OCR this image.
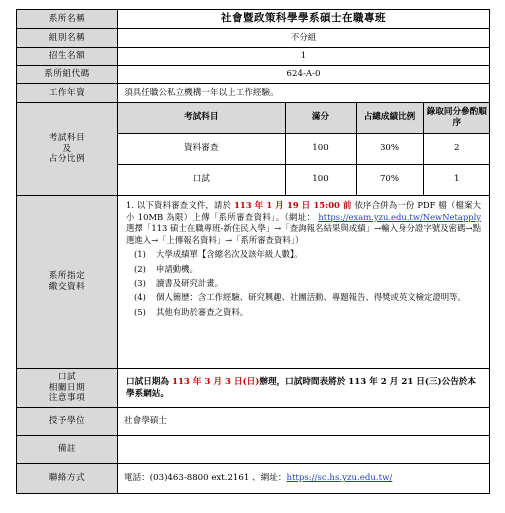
系所名稱	社會暨政策科學學系碩士在職專班
組別名稱	不分組
招生名額	1
系所組代碼	624-A-0
工作年資	須具任職公私立機構一年以上工作經驗。

考試科目
及
占分比例

考試科目	滿分	占總成績比例	錄取同分參酌順序
資料審查	100	30%	2
口試	100	70%	1

系所指定
繳交資料

1. 以下資料審查文件，請於 113 年 1 月 19 日 15:00 前 依序合併為一份 PDF 檔（檔案大小 10MB 為限）上傳「系所審查資料」。（網址： https://exam.yzu.edu.tw/NewNetapply 選擇「113 碩士在職專班-新住民入學」→「查詢報名結果與成績」→輸入身分證字號及密碼→點選進入→「上傳報名資料」→「系所審查資料」）

(1)	大學成績單【含總名次及該年級人數】。
(2)	申請動機。
(3)	讀書及研究計畫。
(4)	個人簡歷：含工作經驗、研究興趣、社團活動、專題報告、得獎或英文檢定證明等。
(5)	其他有助於審查之資料。

口試
相關日期
注意事項
	口試日期為 113 年 3 月 3 日(日)辦理，口試時間表將於 113 年 2 月 21 日(三)公告於本學系網站。
授予學位	社會學碩士
備註	
聯絡方式	電話：(03)463-8800 ext.2161 、網址：https://sc.hs.yzu.edu.tw/
